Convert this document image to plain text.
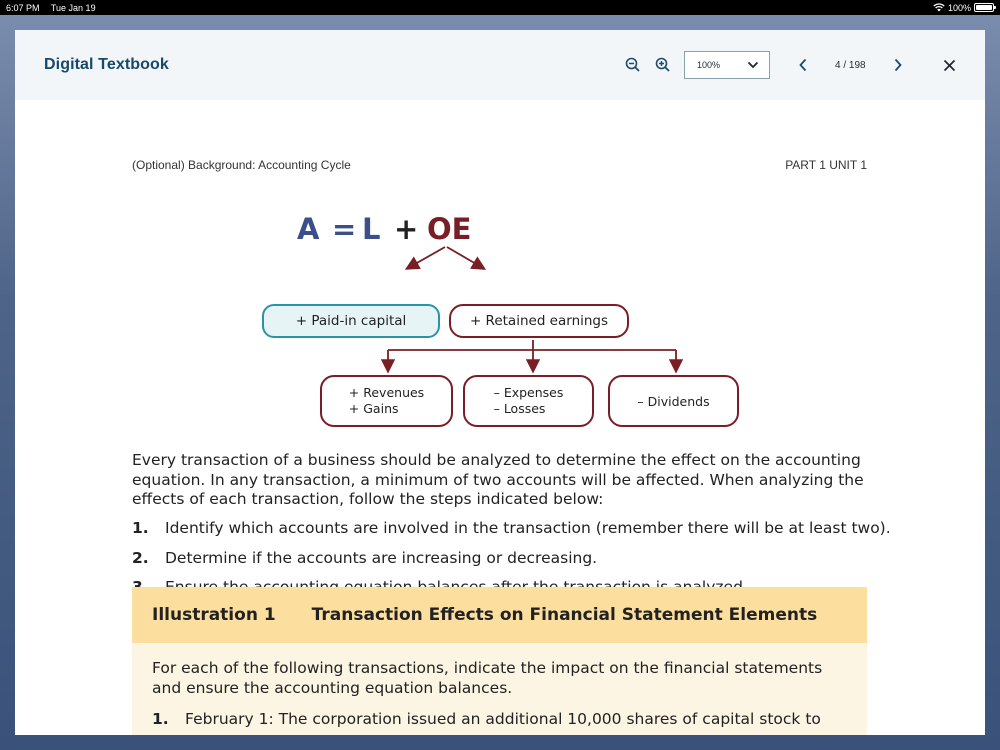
6:07 PM Tue Jan 19	100%
Digital Textbook	100%	4 / 198
(Optional) Background: Accounting Cycle	PART 1 UNIT 1
A = L + OE
+ Paid-in capital	+ Retained earnings
+ Revenues
+ Gains
– Expenses
– Losses	– Dividends

Every transaction of a business should be analyzed to determine the effect on the accounting equation. In any transaction, a minimum of two accounts will be affected. When analyzing the effects of each transaction, follow the steps indicated below:

1. Identify which accounts are involved in the transaction (remember there will be at least two).
2. Determine if the accounts are increasing or decreasing.
Illustration 1 Transaction Effects on Financial Statement Elements

For each of the following transactions, indicate the impact on the financial statements and ensure the accounting equation balances.

1. February 1: The corporation issued an additional 10,000 shares of capital stock to
